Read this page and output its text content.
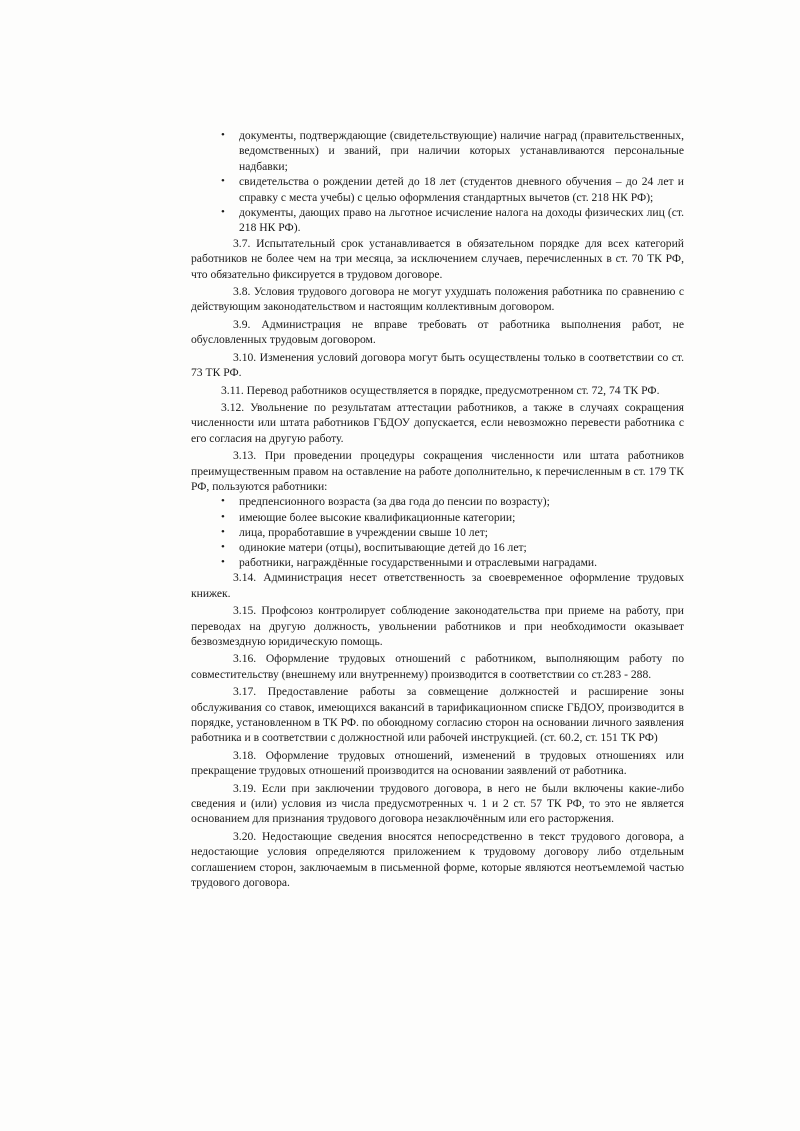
• документы, подтверждающие (свидетельствующие) наличие наград (правительственных, ведомственных) и званий, при наличии которых устанавливаются персональные надбавки;
• свидетельства о рождении детей до 18 лет (студентов дневного обучения – до 24 лет и справку с места учебы) с целью оформления стандартных вычетов (ст. 218 НК РФ);
• документы, дающих право на льготное исчисление налога на доходы физических лиц (ст. 218 НК РФ).

3.7. Испытательный срок устанавливается в обязательном порядке для всех категорий работников не более чем на три месяца, за исключением случаев, перечисленных в ст. 70 ТК РФ, что обязательно фиксируется в трудовом договоре.

3.8. Условия трудового договора не могут ухудшать положения работника по сравнению с действующим законодательством и настоящим коллективным договором.

3.9. Администрация не вправе требовать от работника выполнения работ, не обусловленных трудовым договором.

3.10. Изменения условий договора могут быть осуществлены только в соответствии со ст. 73 ТК РФ.

3.11. Перевод работников осуществляется в порядке, предусмотренном ст. 72, 74 ТК РФ.

3.12. Увольнение по результатам аттестации работников, а также в случаях сокращения численности или штата работников ГБДОУ допускается, если невозможно перевести работника с его согласия на другую работу.

3.13. При проведении процедуры сокращения численности или штата работников преимущественным правом на оставление на работе дополнительно, к перечисленным в ст. 179 ТК РФ, пользуются работники:

• предпенсионного возраста (за два года до пенсии по возрасту);
• имеющие более высокие квалификационные категории;
• лица, проработавшие в учреждении свыше 10 лет;
• одинокие матери (отцы), воспитывающие детей до 16 лет;
• работники, награждённые государственными и отраслевыми наградами.

3.14. Администрация несет ответственность за своевременное оформление трудовых книжек.

3.15. Профсоюз контролирует соблюдение законодательства при приеме на работу, при переводах на другую должность, увольнении работников и при необходимости оказывает безвозмездную юридическую помощь.

3.16. Оформление трудовых отношений с работником, выполняющим работу по совместительству (внешнему или внутреннему) производится в соответствии со ст.283 - 288.

3.17. Предоставление работы за совмещение должностей и расширение зоны обслуживания со ставок, имеющихся вакансий в тарификационном списке ГБДОУ, производится в порядке, установленном в ТК РФ. по обоюдному согласию сторон на основании личного заявления работника и в соответствии с должностной или рабочей инструкцией. (ст. 60.2, ст. 151 ТК РФ)

3.18. Оформление трудовых отношений, изменений в трудовых отношениях или прекращение трудовых отношений производится на основании заявлений от работника.

3.19. Если при заключении трудового договора, в него не были включены какие-либо сведения и (или) условия из числа предусмотренных ч. 1 и 2 ст. 57 ТК РФ, то это не является основанием для признания трудового договора незаключённым или его расторжения.

3.20. Недостающие сведения вносятся непосредственно в текст трудового договора, а недостающие условия определяются приложением к трудовому договору либо отдельным соглашением сторон, заключаемым в письменной форме, которые являются неотъемлемой частью трудового договора.
